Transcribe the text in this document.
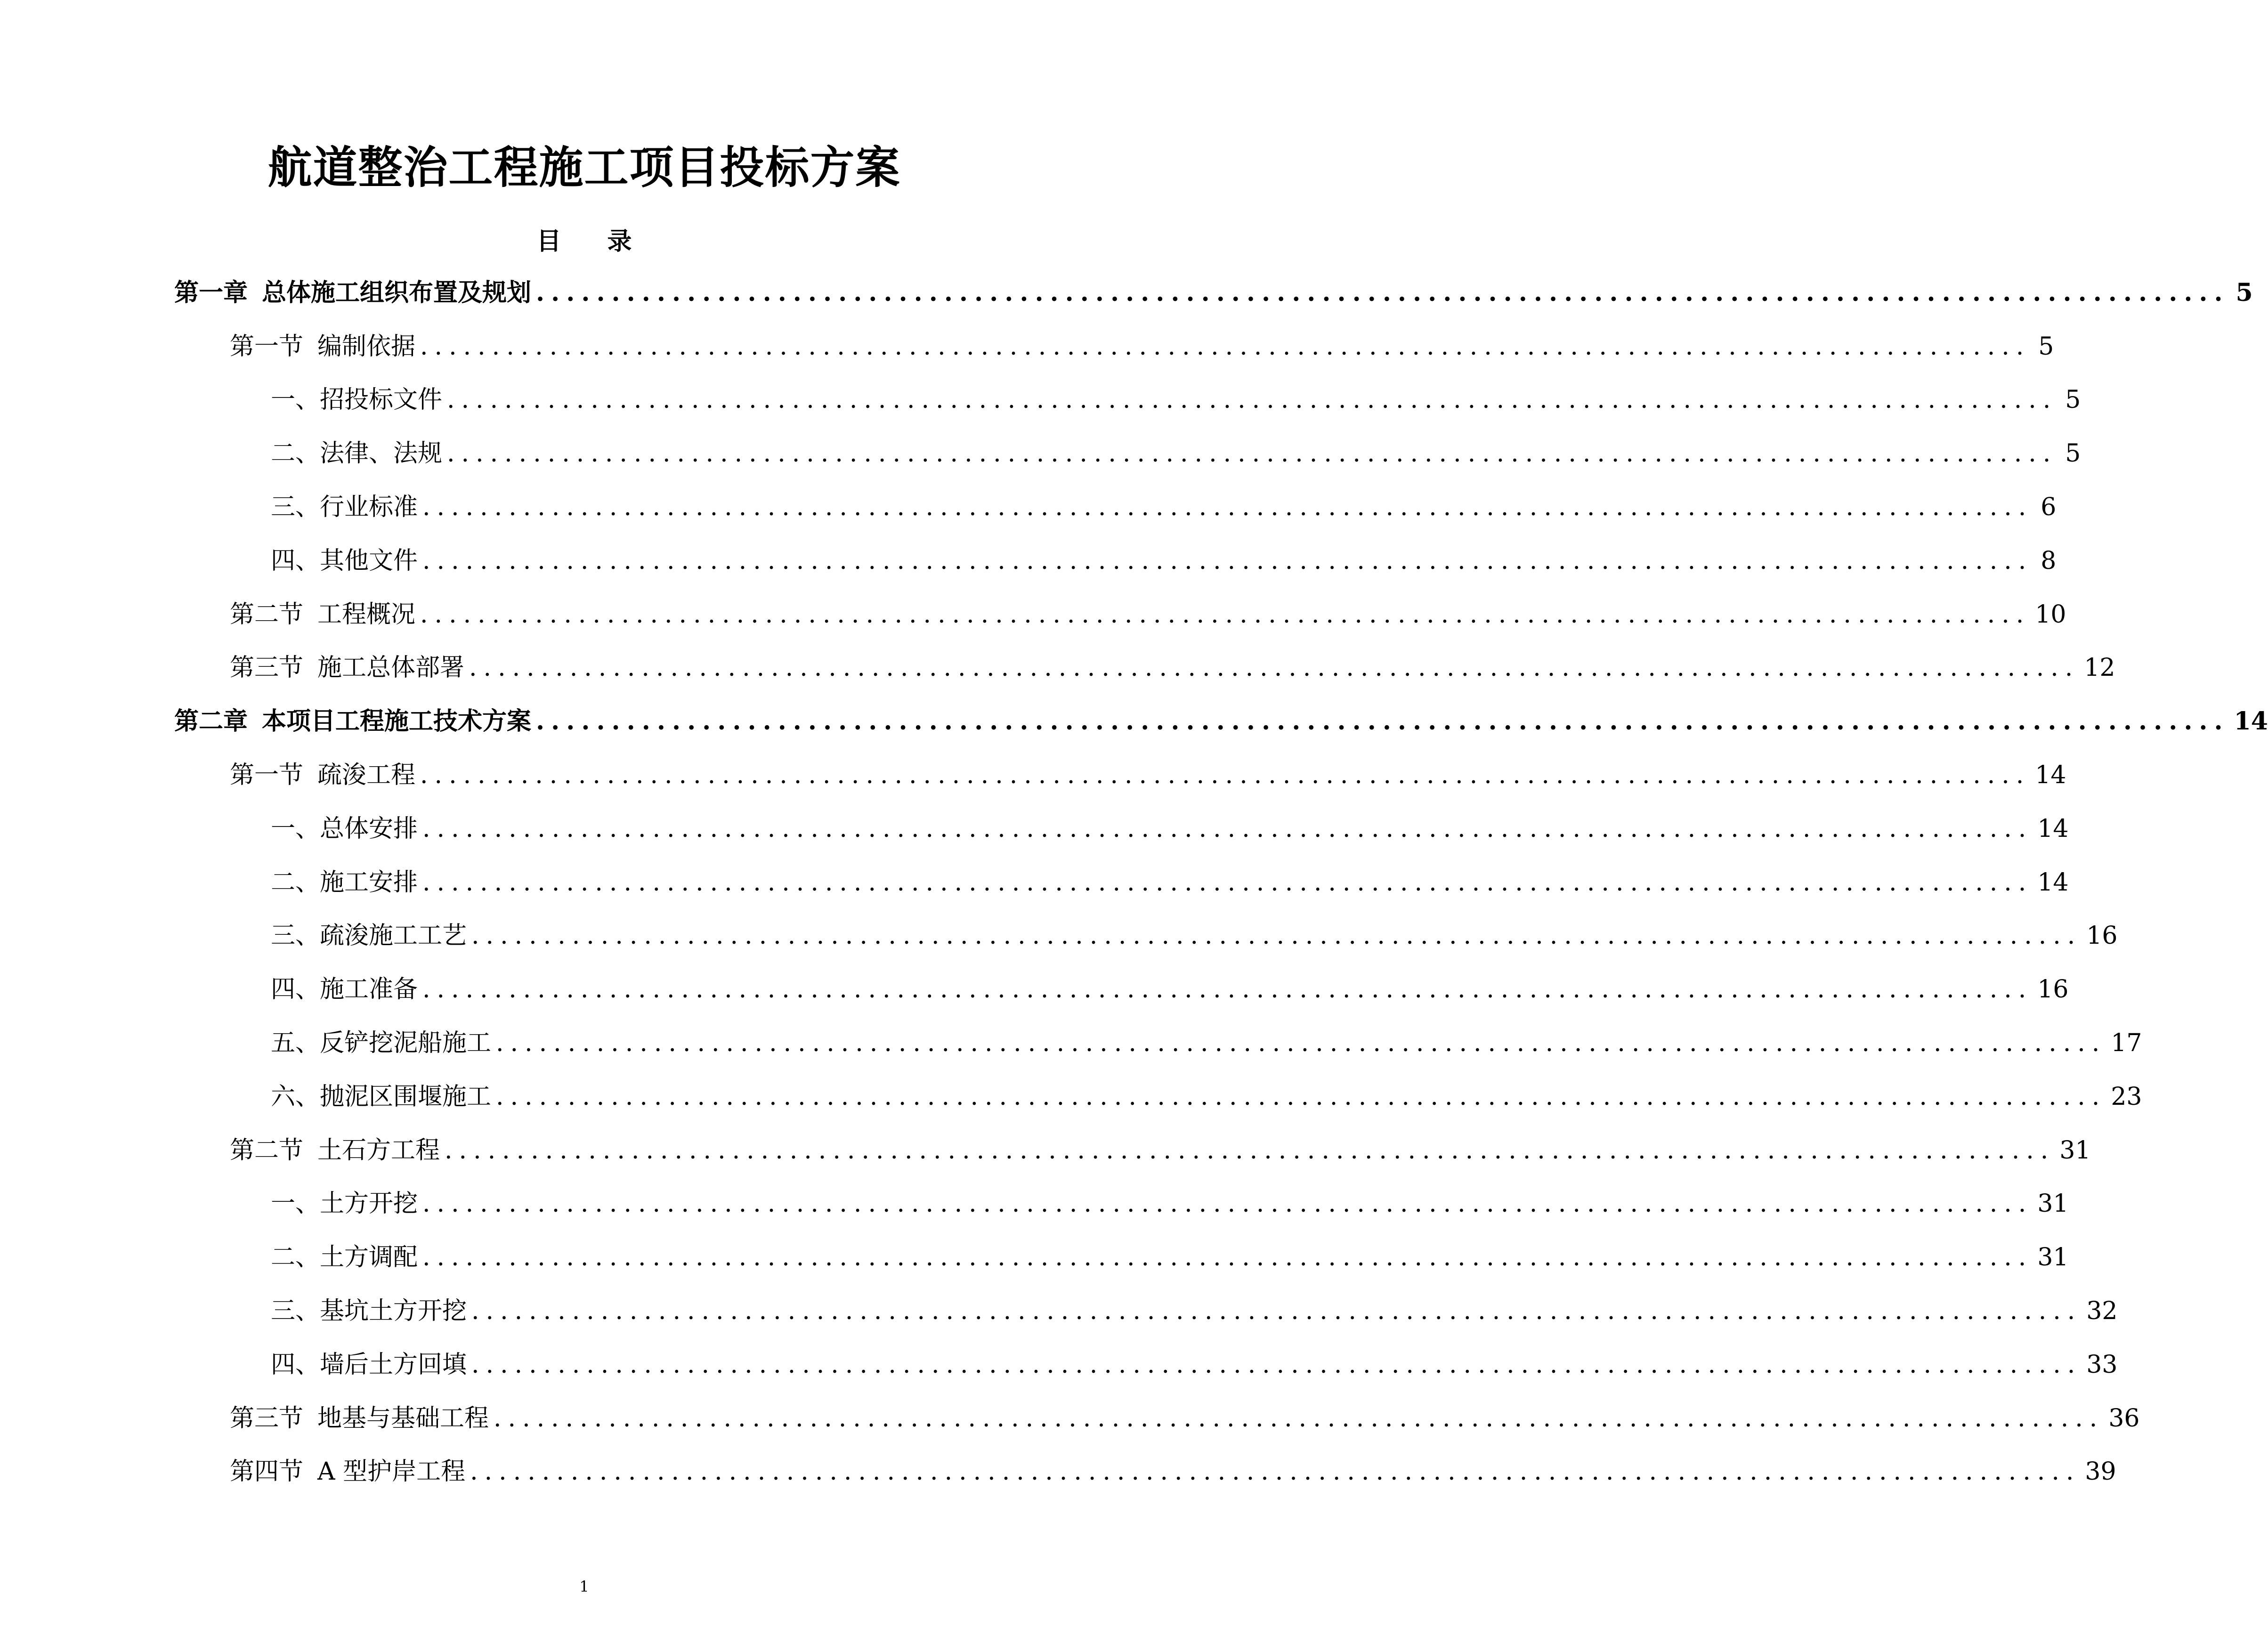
航道整治工程施工项目投标方案
目 录
第一章 总体施工组织布置及规划 ................................................................................................................ 5
第一节 编制依据 ................................................................................................................ 5
一、 招投标文件 ................................................................................................................ 5
二、 法律、法规 ................................................................................................................ 5
三、 行业标准 ................................................................................................................ 6
四、 其他文件 ................................................................................................................ 8
第二节 工程概况 ................................................................................................................ 10
第三节 施工总体部署 ................................................................................................................ 12
第二章 本项目工程施工技术方案 ................................................................................................................ 14
第一节 疏浚工程 ................................................................................................................ 14
一、 总体安排 ................................................................................................................ 14
二、 施工安排 ................................................................................................................ 14
三、 疏浚施工工艺 ................................................................................................................ 16
四、 施工准备 ................................................................................................................ 16
五、 反铲挖泥船施工 ................................................................................................................ 17
六、 抛泥区围堰施工 ................................................................................................................ 23
第二节 土石方工程 ................................................................................................................ 31
一、 土方开挖 ................................................................................................................ 31
二、 土方调配 ................................................................................................................ 31
三、 基坑土方开挖 ................................................................................................................ 32
四、 墙后土方回填 ................................................................................................................ 33
第三节 地基与基础工程 ................................................................................................................ 36
第四节 A 型护岸工程 ................................................................................................................ 39
1
